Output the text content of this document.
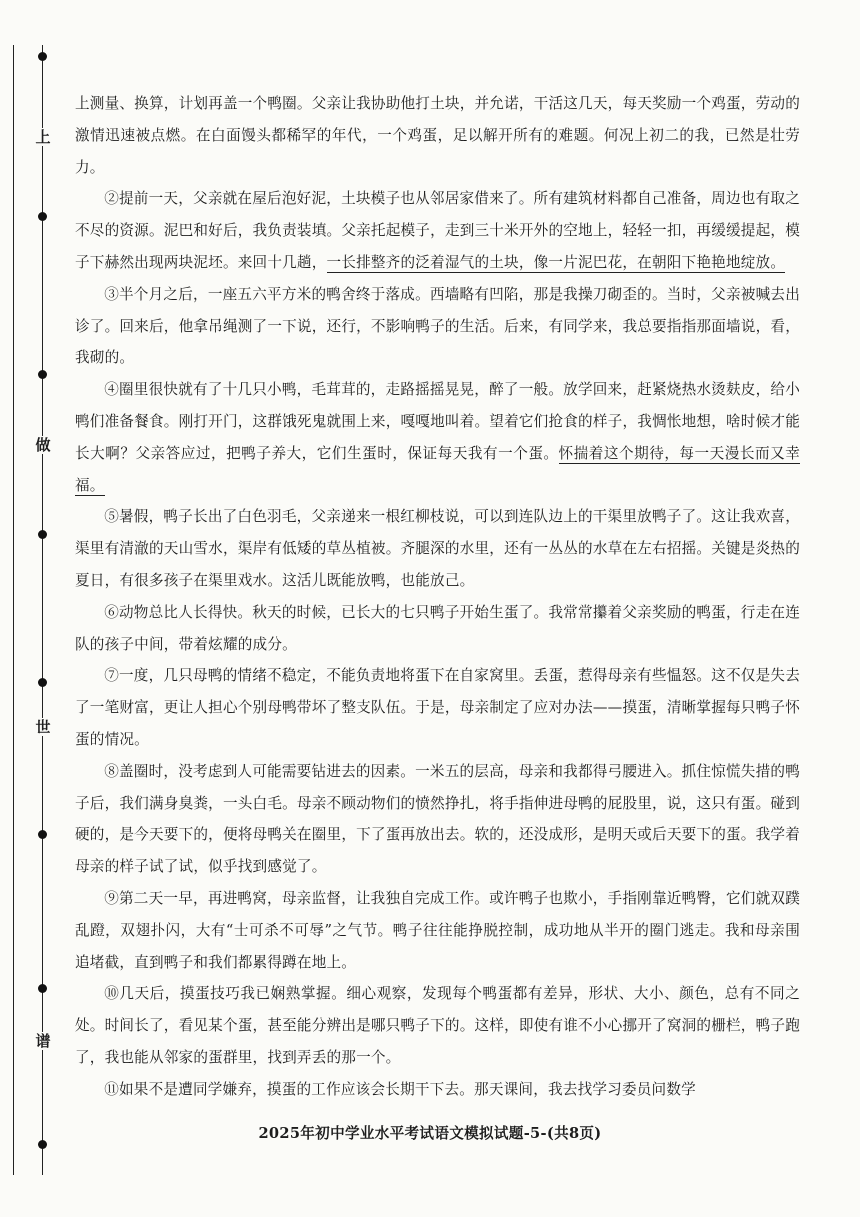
上
做
世
谱

上测量、换算，计划再盖一个鸭圈。父亲让我协助他打土块，并允诺，干活这几天，每天奖励一个鸡蛋，劳动的激情迅速被点燃。在白面馒头都稀罕的年代，一个鸡蛋，足以解开所有的难题。何况上初二的我，已然是壮劳力。

②提前一天，父亲就在屋后泡好泥，土块模子也从邻居家借来了。所有建筑材料都自己准备，周边也有取之不尽的资源。泥巴和好后，我负责装填。父亲托起模子，走到三十米开外的空地上，轻轻一扣，再缓缓提起，模子下赫然出现两块泥坯。来回十几趟，一长排整齐的泛着湿气的土块，像一片泥巴花，在朝阳下艳艳地绽放。

③半个月之后，一座五六平方米的鸭舍终于落成。西墙略有凹陷，那是我操刀砌歪的。当时，父亲被喊去出诊了。回来后，他拿吊绳测了一下说，还行，不影响鸭子的生活。后来，有同学来，我总要指指那面墙说，看，我砌的。

④圈里很快就有了十几只小鸭，毛茸茸的，走路摇摇晃晃，醉了一般。放学回来，赶紧烧热水烫麸皮，给小鸭们准备餐食。刚打开门，这群饿死鬼就围上来，嘎嘎地叫着。望着它们抢食的样子，我惆怅地想，啥时候才能长大啊？父亲答应过，把鸭子养大，它们生蛋时，保证每天我有一个蛋。怀揣着这个期待，每一天漫长而又幸福。

⑤暑假，鸭子长出了白色羽毛，父亲递来一根红柳枝说，可以到连队边上的干渠里放鸭子了。这让我欢喜，渠里有清澈的天山雪水，渠岸有低矮的草丛植被。齐腿深的水里，还有一丛丛的水草在左右招摇。关键是炎热的夏日，有很多孩子在渠里戏水。这活儿既能放鸭，也能放己。

⑥动物总比人长得快。秋天的时候，已长大的七只鸭子开始生蛋了。我常常攥着父亲奖励的鸭蛋，行走在连队的孩子中间，带着炫耀的成分。

⑦一度，几只母鸭的情绪不稳定，不能负责地将蛋下在自家窝里。丢蛋，惹得母亲有些愠怒。这不仅是失去了一笔财富，更让人担心个别母鸭带坏了整支队伍。于是，母亲制定了应对办法——摸蛋，清晰掌握每只鸭子怀蛋的情况。

⑧盖圈时，没考虑到人可能需要钻进去的因素。一米五的层高，母亲和我都得弓腰进入。抓住惊慌失措的鸭子后，我们满身臭粪，一头白毛。母亲不顾动物们的愤然挣扎，将手指伸进母鸭的屁股里，说，这只有蛋。碰到硬的，是今天要下的，便将母鸭关在圈里，下了蛋再放出去。软的，还没成形，是明天或后天要下的蛋。我学着母亲的样子试了试，似乎找到感觉了。

⑨第二天一早，再进鸭窝，母亲监督，让我独自完成工作。或许鸭子也欺小，手指刚靠近鸭臀，它们就双蹼乱蹬，双翅扑闪，大有“士可杀不可辱”之气节。鸭子往往能挣脱控制，成功地从半开的圈门逃走。我和母亲围追堵截，直到鸭子和我们都累得蹲在地上。

⑩几天后，摸蛋技巧我已娴熟掌握。细心观察，发现每个鸭蛋都有差异，形状、大小、颜色，总有不同之处。时间长了，看见某个蛋，甚至能分辨出是哪只鸭子下的。这样，即使有谁不小心挪开了窝洞的栅栏，鸭子跑了，我也能从邻家的蛋群里，找到弄丢的那一个。

⑪如果不是遭同学嫌弃，摸蛋的工作应该会长期干下去。那天课间，我去找学习委员问数学

2025年初中学业水平考试语文模拟试题-5-(共8页)
